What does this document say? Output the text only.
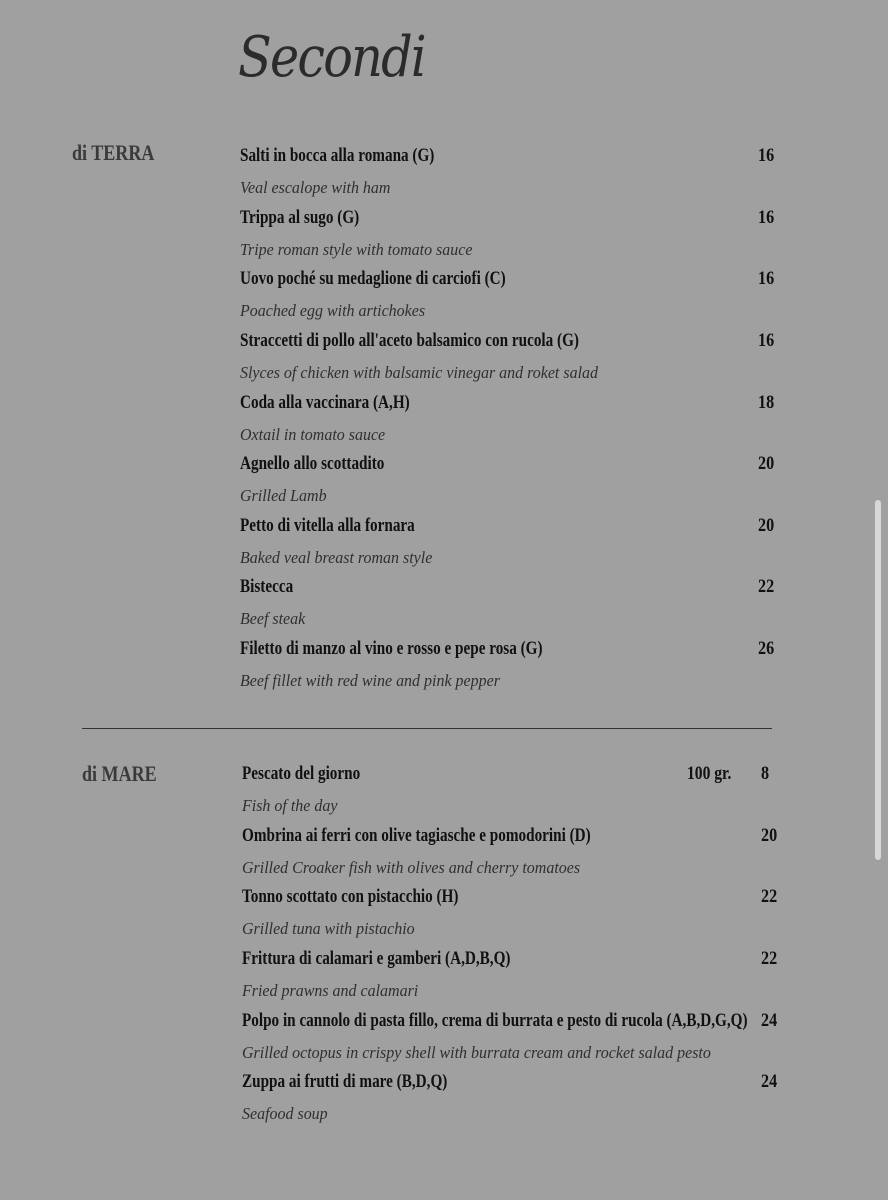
Secondi
di TERRA	Salti in bocca alla romana (G)	16
Veal escalope with ham
Trippa al sugo (G)	16
Tripe roman style with tomato sauce
Uovo poché su medaglione di carciofi (C)	16
Poached egg with artichokes
Straccetti di pollo all'aceto balsamico con rucola (G)	16
Slyces of chicken with balsamic vinegar and roket salad
Coda alla vaccinara (A,H)	18
Oxtail in tomato sauce
Agnello allo scottadito	20
Grilled Lamb
Petto di vitella alla fornara	20
Baked veal breast roman style
Bistecca	22
Beef steak
Filetto di manzo al vino e rosso e pepe rosa (G)	26
Beef fillet with red wine and pink pepper
di MARE	Pescato del giorno	100 gr. 8
Fish of the day
Ombrina ai ferri con olive tagiasche e pomodorini (D)	20
Grilled Croaker fish with olives and cherry tomatoes
Tonno scottato con pistacchio (H)	22
Grilled tuna with pistachio
Frittura di calamari e gamberi (A,D,B,Q)	22
Fried prawns and calamari
Polpo in cannolo di pasta fillo, crema di burrata e pesto di rucola (A,B,D,G,Q) 24
Grilled octopus in crispy shell with burrata cream and rocket salad pesto
Zuppa ai frutti di mare (B,D,Q)	24
Seafood soup
